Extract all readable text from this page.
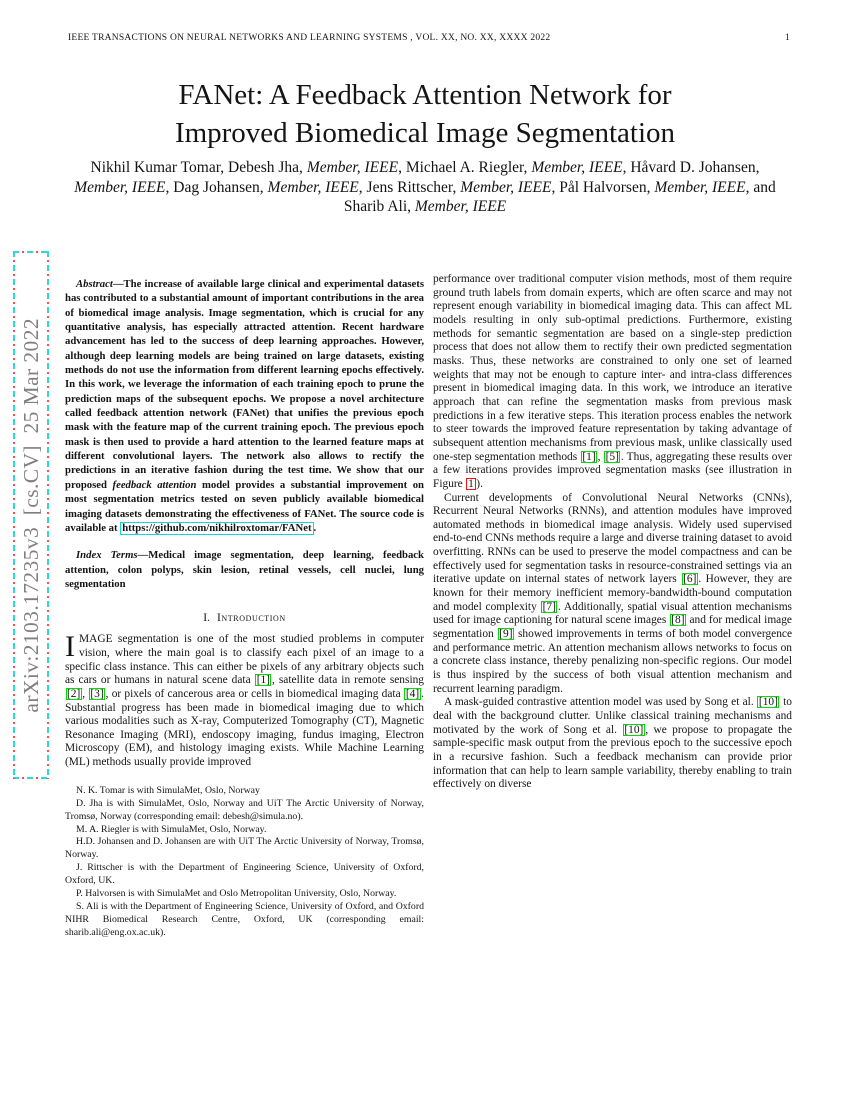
IEEE TRANSACTIONS ON NEURAL NETWORKS AND LEARNING SYSTEMS , VOL. XX, NO. XX, XXXX 2022	1
FANet: A Feedback Attention Network for
Improved Biomedical Image Segmentation
Nikhil Kumar Tomar, Debesh Jha, Member, IEEE, Michael A. Riegler, Member, IEEE, Håvard D. Johansen,
Member, IEEE, Dag Johansen, Member, IEEE, Jens Rittscher, Member, IEEE, Pål Halvorsen, Member, IEEE, and
Sharib Ali, Member, IEEE
arXiv:2103.17235v3  [cs.CV]  25 Mar 2022

Abstract—The increase of available large clinical and experimental datasets has contributed to a substantial amount of important contributions in the area of biomedical image analysis. Image segmentation, which is crucial for any quantitative analysis, has especially attracted attention. Recent hardware advancement has led to the success of deep learning approaches. However, although deep learning models are being trained on large datasets, existing methods do not use the information from different learning epochs effectively. In this work, we leverage the information of each training epoch to prune the prediction maps of the subsequent epochs. We propose a novel architecture called feedback attention network (FANet) that unifies the previous epoch mask with the feature map of the current training epoch. The previous epoch mask is then used to provide a hard attention to the learned feature maps at different convolutional layers. The network also allows to rectify the predictions in an iterative fashion during the test time. We show that our proposed feedback attention model provides a substantial improvement on most segmentation metrics tested on seven publicly available biomedical imaging datasets demonstrating the effectiveness of FANet. The source code is available at https://github.com/nikhilroxtomar/FANet .

Index Terms—Medical image segmentation, deep learning, feedback attention, colon polyps, skin lesion, retinal vessels, cell nuclei, lung segmentation

I. Introduction

IMAGE segmentation is one of the most studied problems in computer vision, where the main goal is to classify each pixel of an image to a specific class instance. This can either be pixels of any arbitrary objects such as cars or humans in natural scene data [1] , satellite data in remote sensing [2] , [3] , or pixels of cancerous area or cells in biomedical imaging data [4] . Substantial progress has been made in biomedical imaging due to which various modalities such as X-ray, Computerized Tomography (CT), Magnetic Resonance Imaging (MRI), endoscopy imaging, fundus imaging, Electron Microscopy (EM), and histology imaging exists. While Machine Learning (ML) methods usually provide improved

N. K. Tomar is with SimulaMet, Oslo, Norway

D. Jha is with SimulaMet, Oslo, Norway and UiT The Arctic University of Norway, Tromsø, Norway (corresponding email: debesh@simula.no).

M. A. Riegler is with SimulaMet, Oslo, Norway.

H.D. Johansen and D. Johansen are with UiT The Arctic University of Norway, Tromsø, Norway.

J. Rittscher is with the Department of Engineering Science, University of Oxford, Oxford, UK.

P. Halvorsen is with SimulaMet and Oslo Metropolitan University, Oslo, Norway.

S. Ali is with the Department of Engineering Science, University of Oxford, and Oxford NIHR Biomedical Research Centre, Oxford, UK (corresponding email: sharib.ali@eng.ox.ac.uk).

performance over traditional computer vision methods, most of them require ground truth labels from domain experts, which are often scarce and may not represent enough variability in biomedical imaging data. This can affect ML models resulting in only sub-optimal predictions. Furthermore, existing methods for semantic segmentation are based on a single-step prediction process that does not allow them to rectify their own predicted segmentation masks. Thus, these networks are constrained to only one set of learned weights that may not be enough to capture inter- and intra-class differences present in biomedical imaging data. In this work, we introduce an iterative approach that can refine the segmentation masks from previous mask predictions in a few iterative steps. This iteration process enables the network to steer towards the improved feature representation by taking advantage of subsequent attention mechanisms from previous mask, unlike classically used one-step segmentation methods [1] , [5] . Thus, aggregating these results over a few iterations provides improved segmentation masks (see illustration in Figure 1 ).

Current developments of Convolutional Neural Networks (CNNs), Recurrent Neural Networks (RNNs), and attention modules have improved automated methods in biomedical image analysis. Widely used supervised end-to-end CNNs methods require a large and diverse training dataset to avoid overfitting. RNNs can be used to preserve the model compactness and can be effectively used for segmentation tasks in resource-constrained settings via an iterative update on internal states of network layers [6] . However, they are known for their memory inefficient memory-bandwidth-bound computation and model complexity [7] . Additionally, spatial visual attention mechanisms used for image captioning for natural scene images [8] and for medical image segmentation [9] showed improvements in terms of both model convergence and performance metric. An attention mechanism allows networks to focus on a concrete class instance, thereby penalizing non-specific regions. Our model is thus inspired by the success of both visual attention mechanism and recurrent learning paradigm.

A mask-guided contrastive attention model was used by Song et al. [10] to deal with the background clutter. Unlike classical training mechanisms and motivated by the work of Song et al. [10] , we propose to propagate the sample-specific mask output from the previous epoch to the successive epoch in a recursive fashion. Such a feedback mechanism can provide prior information that can help to learn sample variability, thereby enabling to train effectively on diverse
